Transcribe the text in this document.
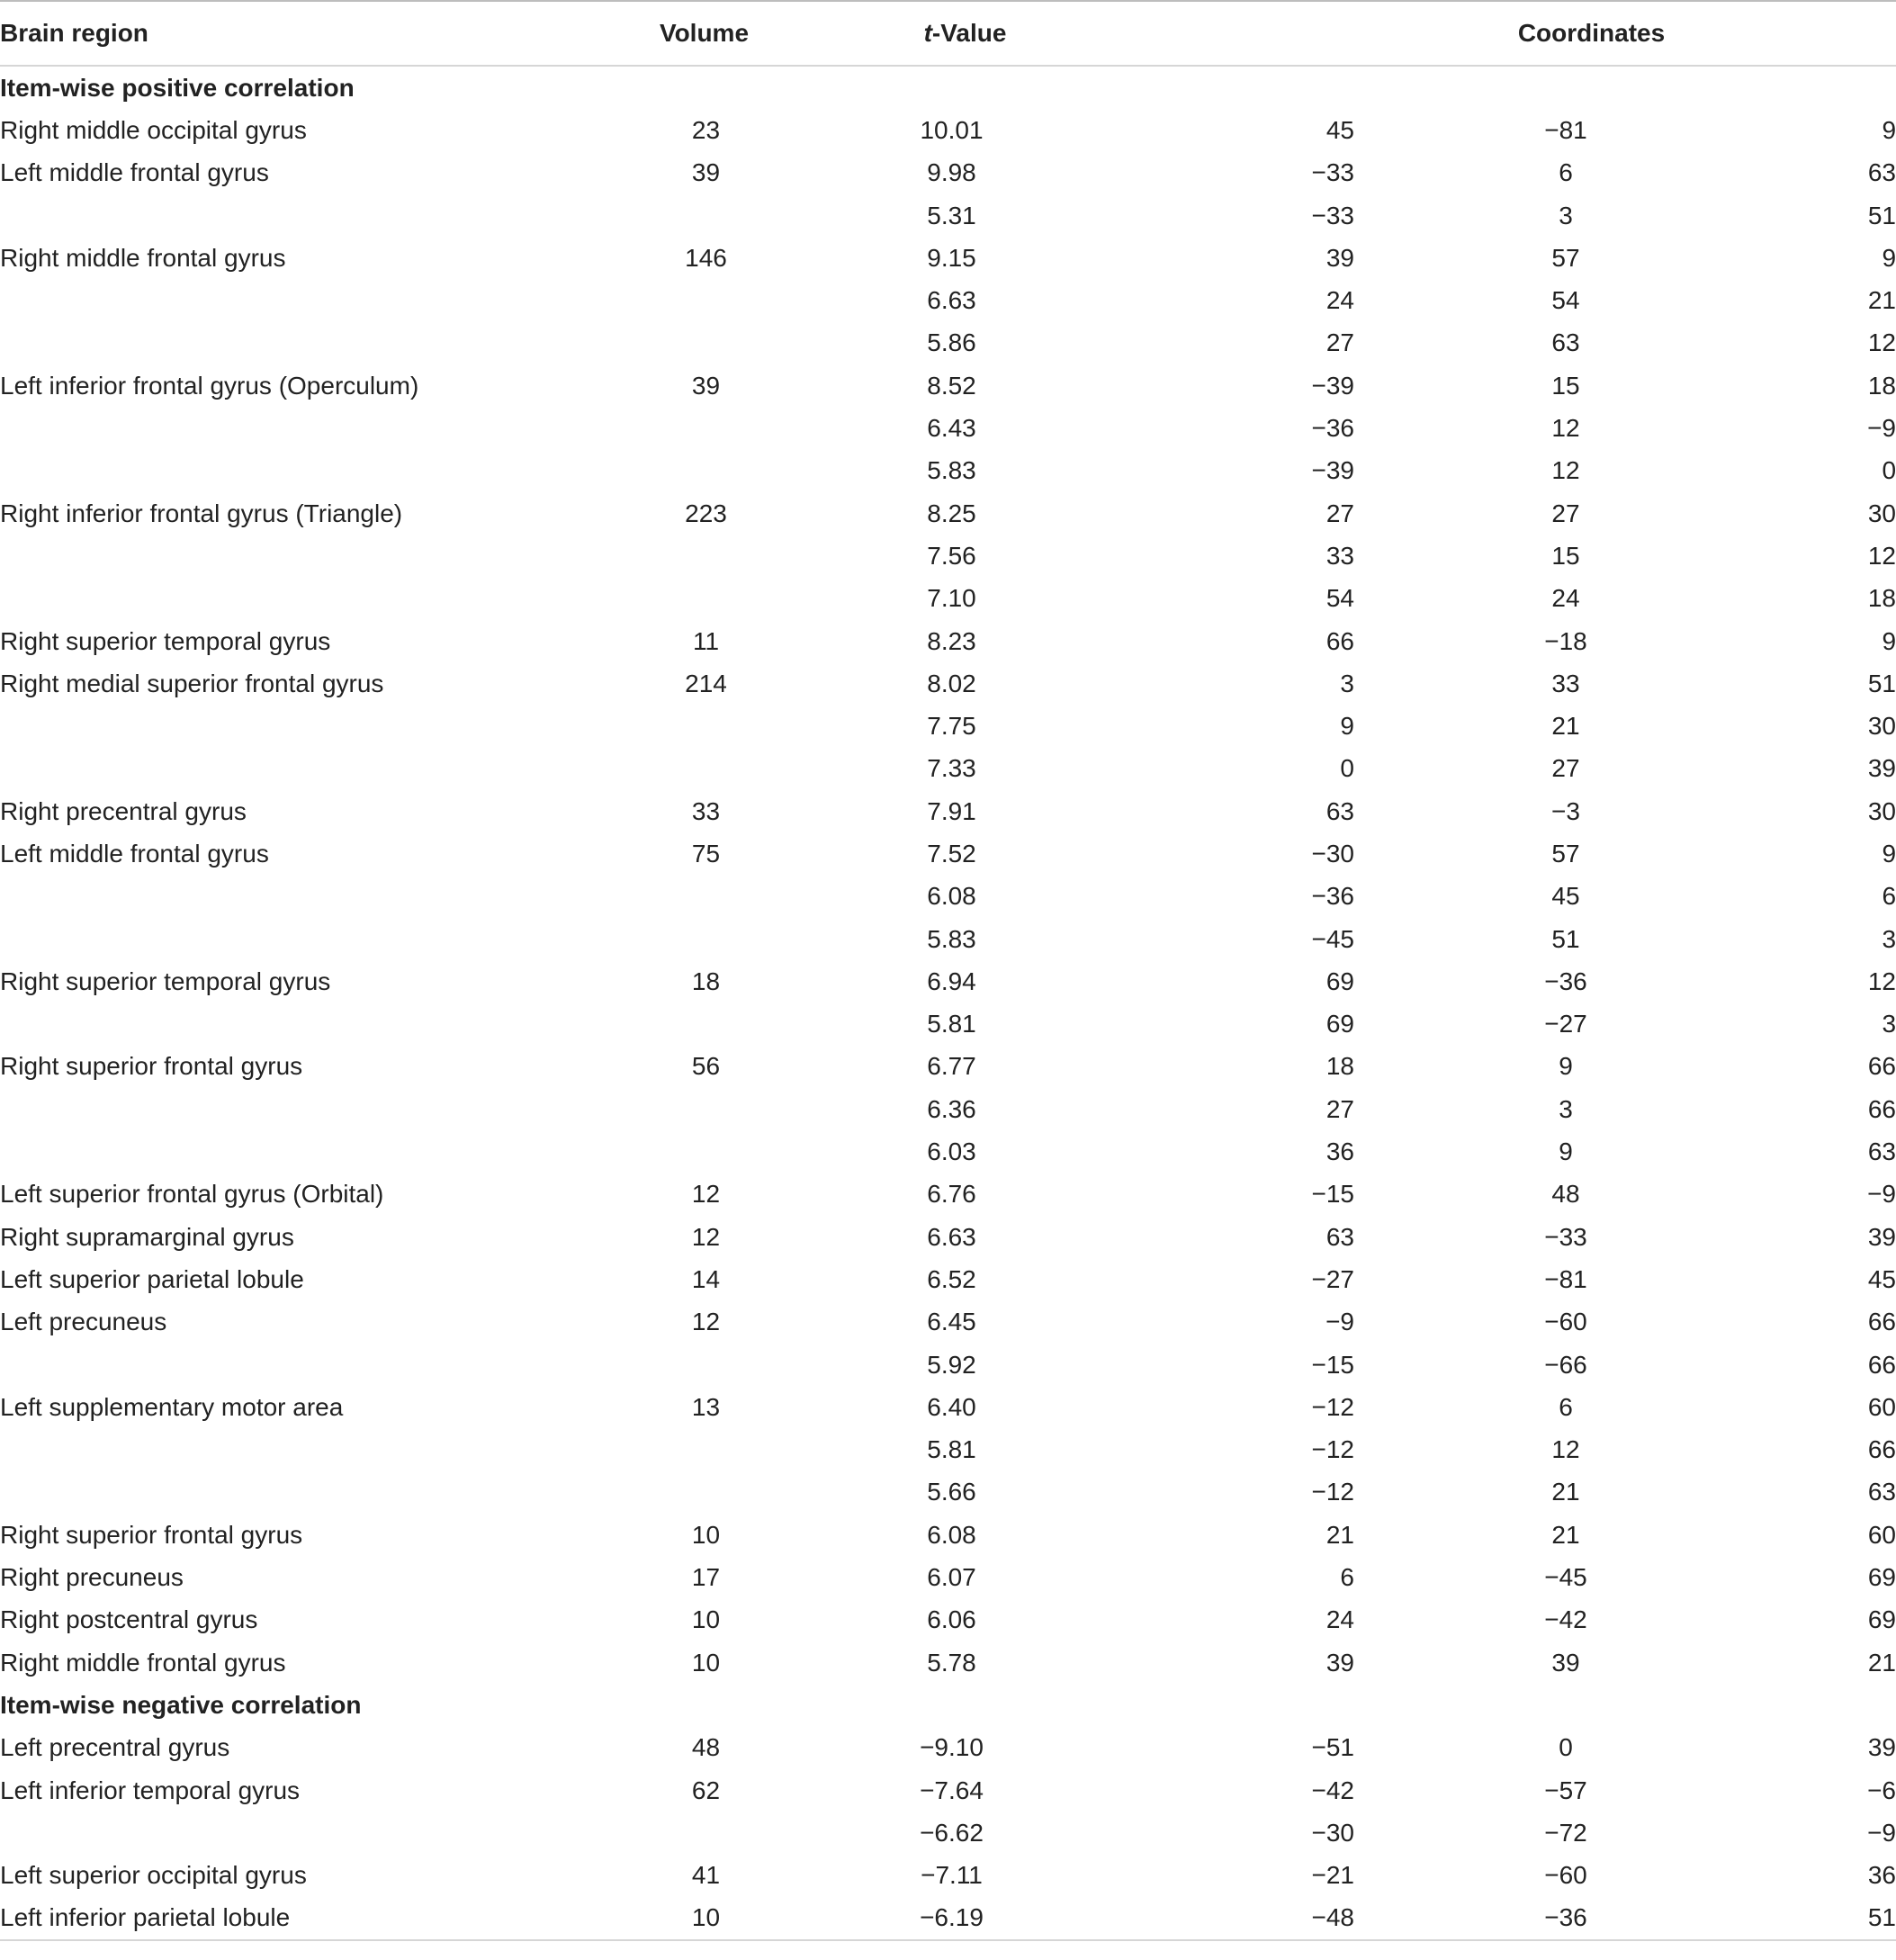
Brain region	Volume	t-Value	Coordinates		
Item-wise positive correlation					
Right middle occipital gyrus	23	10.01	45	−81	9
Left middle frontal gyrus	39	9.98	−33	6	63
		5.31	−33	3	51
Right middle frontal gyrus	146	9.15	39	57	9
		6.63	24	54	21
		5.86	27	63	12
Left inferior frontal gyrus (Operculum)	39	8.52	−39	15	18
		6.43	−36	12	−9
		5.83	−39	12	0
Right inferior frontal gyrus (Triangle)	223	8.25	27	27	30
		7.56	33	15	12
		7.10	54	24	18
Right superior temporal gyrus	11	8.23	66	−18	9
Right medial superior frontal gyrus	214	8.02	3	33	51
		7.75	9	21	30
		7.33	0	27	39
Right precentral gyrus	33	7.91	63	−3	30
Left middle frontal gyrus	75	7.52	−30	57	9
		6.08	−36	45	6
		5.83	−45	51	3
Right superior temporal gyrus	18	6.94	69	−36	12
		5.81	69	−27	3
Right superior frontal gyrus	56	6.77	18	9	66
		6.36	27	3	66
		6.03	36	9	63
Left superior frontal gyrus (Orbital)	12	6.76	−15	48	−9
Right supramarginal gyrus	12	6.63	63	−33	39
Left superior parietal lobule	14	6.52	−27	−81	45
Left precuneus	12	6.45	−9	−60	66
		5.92	−15	−66	66
Left supplementary motor area	13	6.40	−12	6	60
		5.81	−12	12	66
		5.66	−12	21	63
Right superior frontal gyrus	10	6.08	21	21	60
Right precuneus	17	6.07	6	−45	69
Right postcentral gyrus	10	6.06	24	−42	69
Right middle frontal gyrus	10	5.78	39	39	21
Item-wise negative correlation					
Left precentral gyrus	48	−9.10	−51	0	39
Left inferior temporal gyrus	62	−7.64	−42	−57	−6
		−6.62	−30	−72	−9
Left superior occipital gyrus	41	−7.11	−21	−60	36
Left inferior parietal lobule	10	−6.19	−48	−36	51
